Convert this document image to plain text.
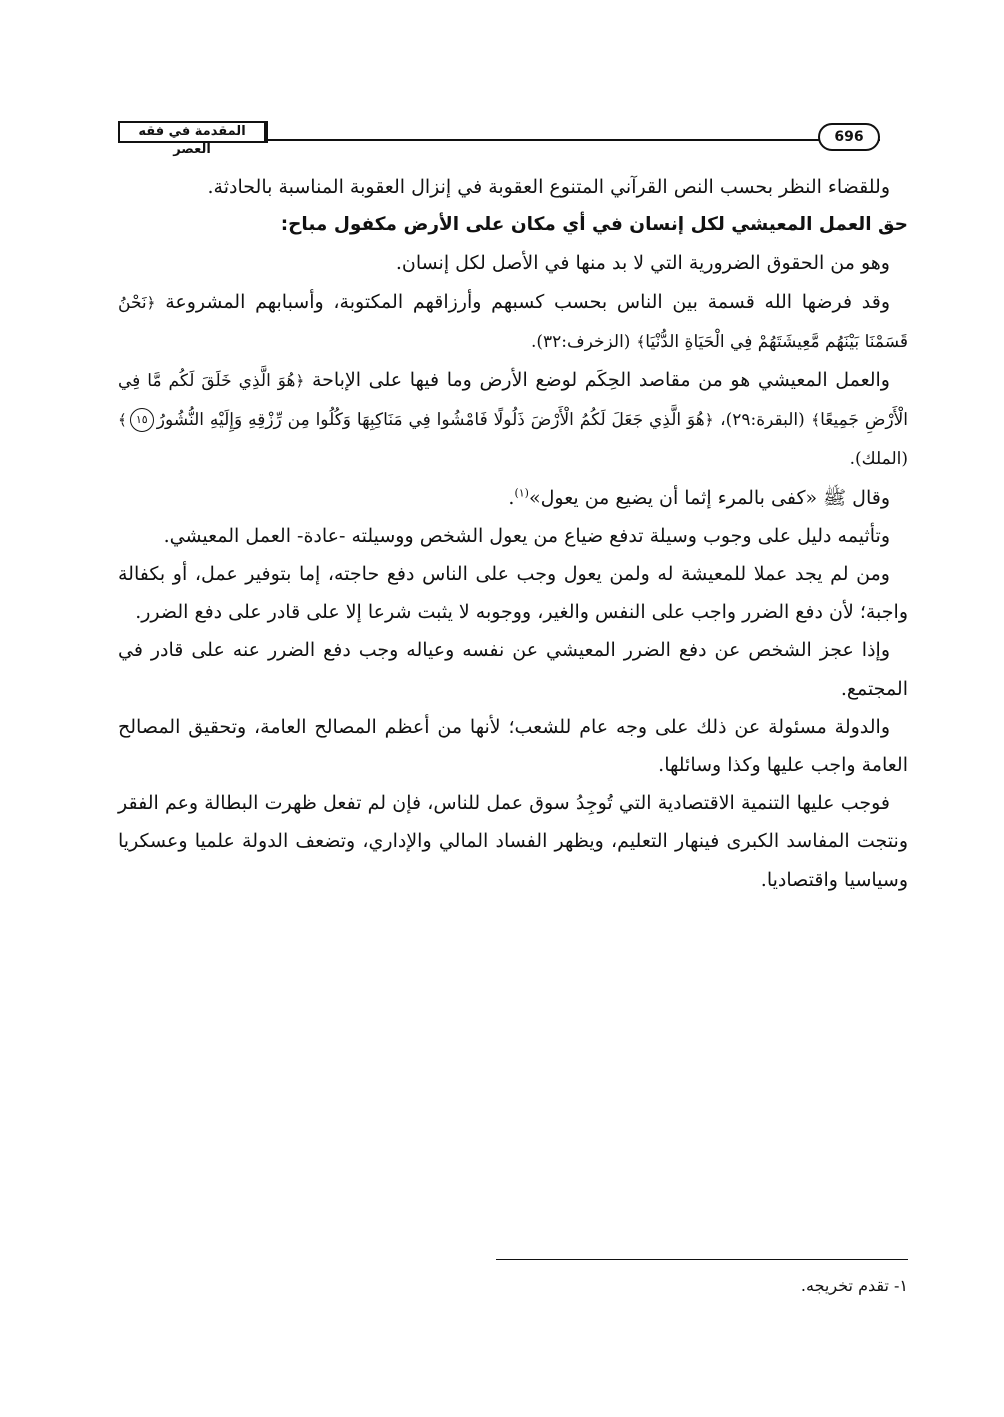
المقدمة في فقه العصر
696

وللقضاء النظر بحسب النص القرآني المتنوع العقوبة في إنزال العقوبة المناسبة بالحادثة.

حق العمل المعيشي لكل إنسان في أي مكان على الأرض مكفول مباح:

وهو من الحقوق الضرورية التي لا بد منها في الأصل لكل إنسان.

وقد فرضها الله قسمة بين الناس بحسب كسبهم وأرزاقهم المكتوبة، وأسبابهم المشروعة ﴿نَحْنُ قَسَمْنَا بَيْنَهُم مَّعِيشَتَهُمْ فِي الْحَيَاةِ الدُّنْيَا﴾ (الزخرف:٣٢).

والعمل المعيشي هو من مقاصد الحِكَم لوضع الأرض وما فيها على الإباحة ﴿هُوَ الَّذِي خَلَقَ لَكُم مَّا فِي الْأَرْضِ جَمِيعًا﴾ (البقرة:٢٩)، ﴿هُوَ الَّذِي جَعَلَ لَكُمُ الْأَرْضَ ذَلُولًا فَامْشُوا فِي مَنَاكِبِهَا وَكُلُوا مِن رِّزْقِهِ وَإِلَيْهِ النُّشُورُ١٥﴾ (الملك).

وقال ﷺ «كفى بالمرء إثما أن يضيع من يعول»$^{(١)}$.

وتأثيمه دليل على وجوب وسيلة تدفع ضياع من يعول الشخص ووسيلته -عادة- العمل المعيشي.

ومن لم يجد عملا للمعيشة له ولمن يعول وجب على الناس دفع حاجته، إما بتوفير عمل، أو بكفالة واجبة؛ لأن دفع الضرر واجب على النفس والغير، ووجوبه لا يثبت شرعا إلا على قادر على دفع الضرر.

وإذا عجز الشخص عن دفع الضرر المعيشي عن نفسه وعياله وجب دفع الضرر عنه على قادر في المجتمع.

والدولة مسئولة عن ذلك على وجه عام للشعب؛ لأنها من أعظم المصالح العامة، وتحقيق المصالح العامة واجب عليها وكذا وسائلها.

فوجب عليها التنمية الاقتصادية التي تُوجِدُ سوق عمل للناس، فإن لم تفعل ظهرت البطالة وعم الفقر ونتجت المفاسد الكبرى فينهار التعليم، ويظهر الفساد المالي والإداري، وتضعف الدولة علميا وعسكريا وسياسيا واقتصاديا.

١- تقدم تخريجه.
